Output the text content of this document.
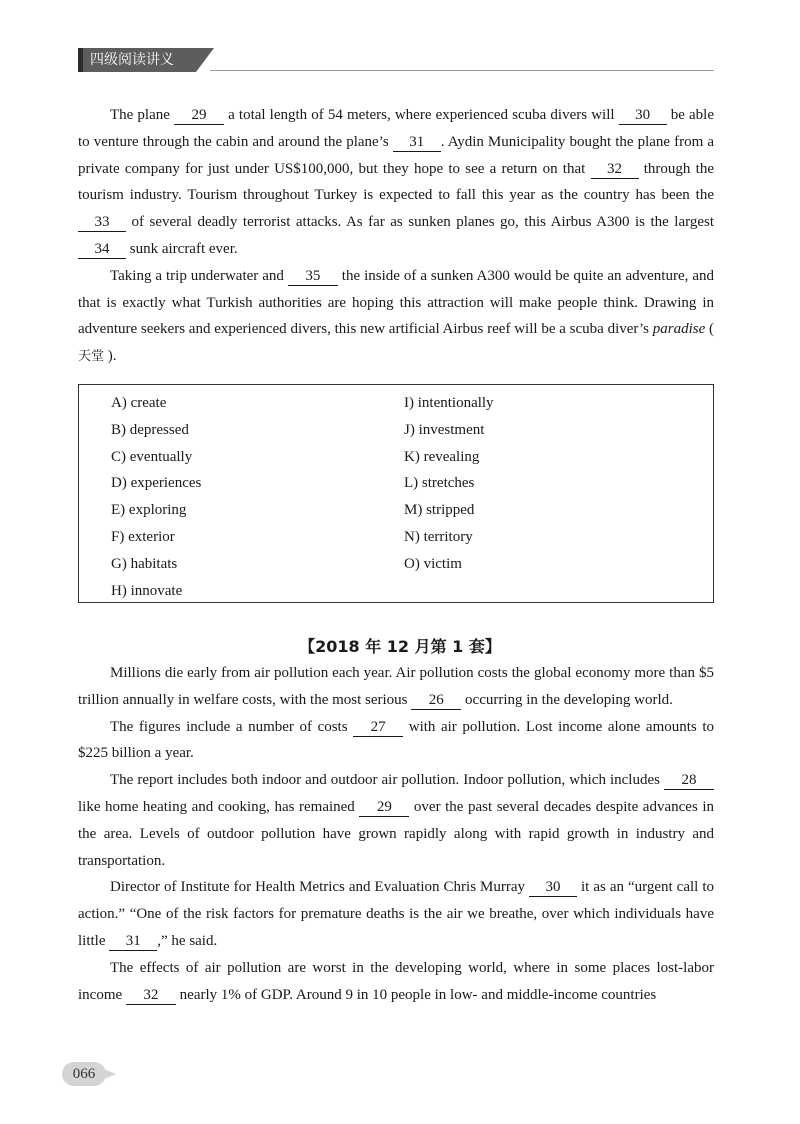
四级阅读讲义

The plane 29 a total length of 54 meters, where experienced scuba divers will 30 be able to venture through the cabin and around the plane’s 31 . Aydin Municipality bought the plane from a private company for just under US$100,000, but they hope to see a return on that 32 through the tourism industry. Tourism throughout Turkey is expected to fall this year as the country has been the 33 of several deadly terrorist attacks. As far as sunken planes go, this Airbus A300 is the largest 34 sunk aircraft ever.

Taking a trip underwater and 35 the inside of a sunken A300 would be quite an adventure, and that is exactly what Turkish authorities are hoping this attraction will make people think. Drawing in adventure seekers and experienced divers, this new artificial Airbus reef will be a scuba diver’s paradise ( 天堂 ).

A) create
B) depressed
C) eventually
D) experiences
E) exploring
F) exterior
G) habitats
H) innovate
I) intentionally
J) investment
K) revealing
L) stretches
M) stripped
N) territory
O) victim
【2018 年 12 月第 1 套】

Millions die early from air pollution each year. Air pollution costs the global economy more than $5 trillion annually in welfare costs, with the most serious 26 occurring in the developing world.

The figures include a number of costs 27 with air pollution. Lost income alone amounts to $225 billion a year.

The report includes both indoor and outdoor air pollution. Indoor pollution, which includes 28 like home heating and cooking, has remained 29 over the past several decades despite advances in the area. Levels of outdoor pollution have grown rapidly along with rapid growth in industry and transportation.

Director of Institute for Health Metrics and Evaluation Chris Murray 30 it as an “urgent call to action.” “One of the risk factors for premature deaths is the air we breathe, over which individuals have little 31 ,” he said.

The effects of air pollution are worst in the developing world, where in some places lost-labor income 32 nearly 1% of GDP. Around 9 in 10 people in low- and middle-income countries

066
